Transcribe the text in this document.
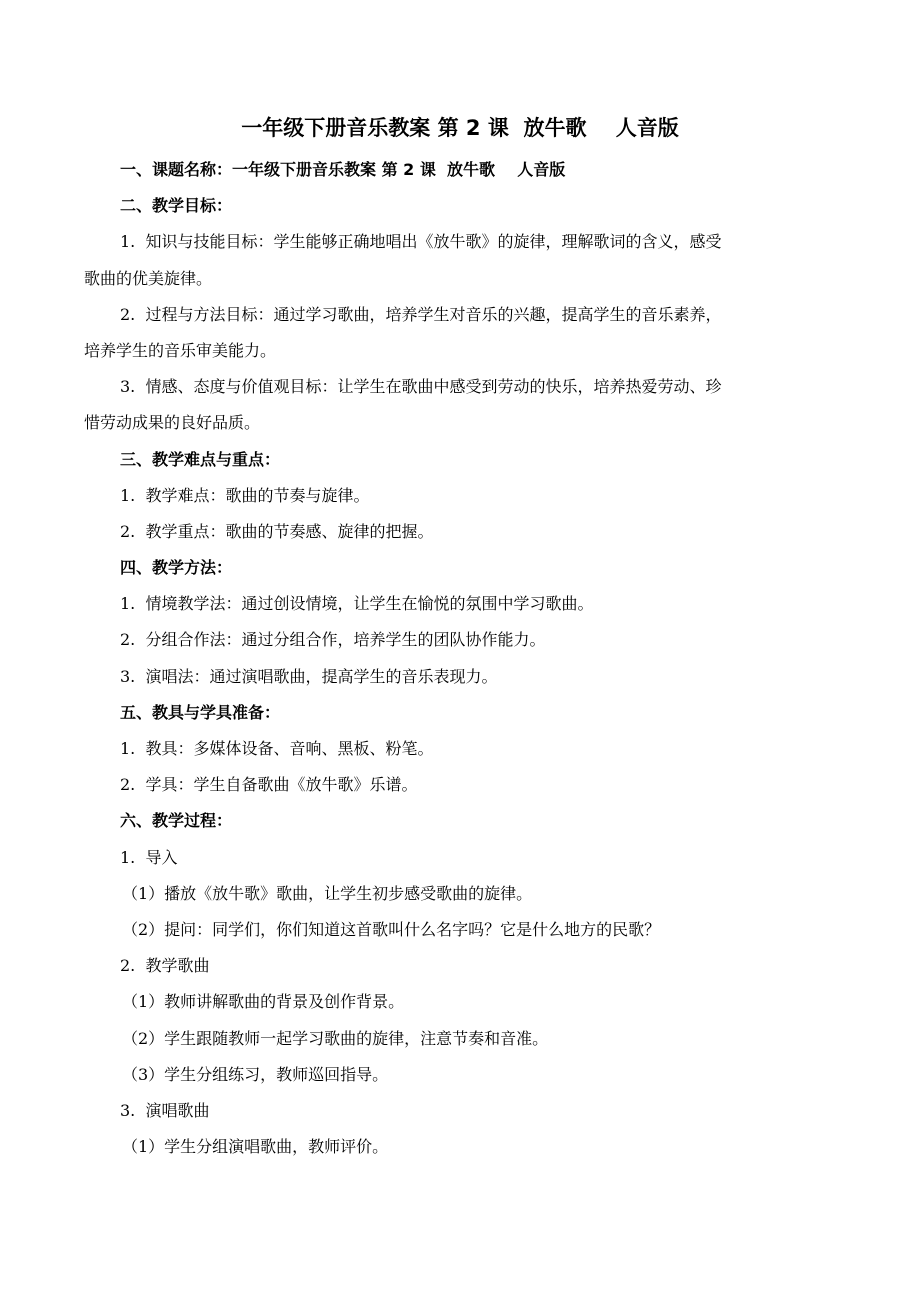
一年级下册音乐教案 第 2 课  放牛歌    人音版
一、课题名称：一年级下册音乐教案 第 2 课  放牛歌    人音版
二、教学目标：
1.  知识与技能目标：学生能够正确地唱出《放牛歌》的旋律，理解歌词的含义，感受
歌曲的优美旋律。
2.  过程与方法目标：通过学习歌曲，培养学生对音乐的兴趣，提高学生的音乐素养，
培养学生的音乐审美能力。
3.  情感、态度与价值观目标：让学生在歌曲中感受到劳动的快乐，培养热爱劳动、珍
惜劳动成果的良好品质。
三、教学难点与重点：
1.  教学难点：歌曲的节奏与旋律。
2.  教学重点：歌曲的节奏感、旋律的把握。
四、教学方法：
1.  情境教学法：通过创设情境，让学生在愉悦的氛围中学习歌曲。
2.  分组合作法：通过分组合作，培养学生的团队协作能力。
3.  演唱法：通过演唱歌曲，提高学生的音乐表现力。
五、教具与学具准备：
1.  教具：多媒体设备、音响、黑板、粉笔。
2.  学具：学生自备歌曲《放牛歌》乐谱。
六、教学过程：
1.  导入
（1）播放《放牛歌》歌曲，让学生初步感受歌曲的旋律。
（2）提问：同学们，你们知道这首歌叫什么名字吗？它是什么地方的民歌？
2.  教学歌曲
（1）教师讲解歌曲的背景及创作背景。
（2）学生跟随教师一起学习歌曲的旋律，注意节奏和音准。
（3）学生分组练习，教师巡回指导。
3.  演唱歌曲
（1）学生分组演唱歌曲，教师评价。
